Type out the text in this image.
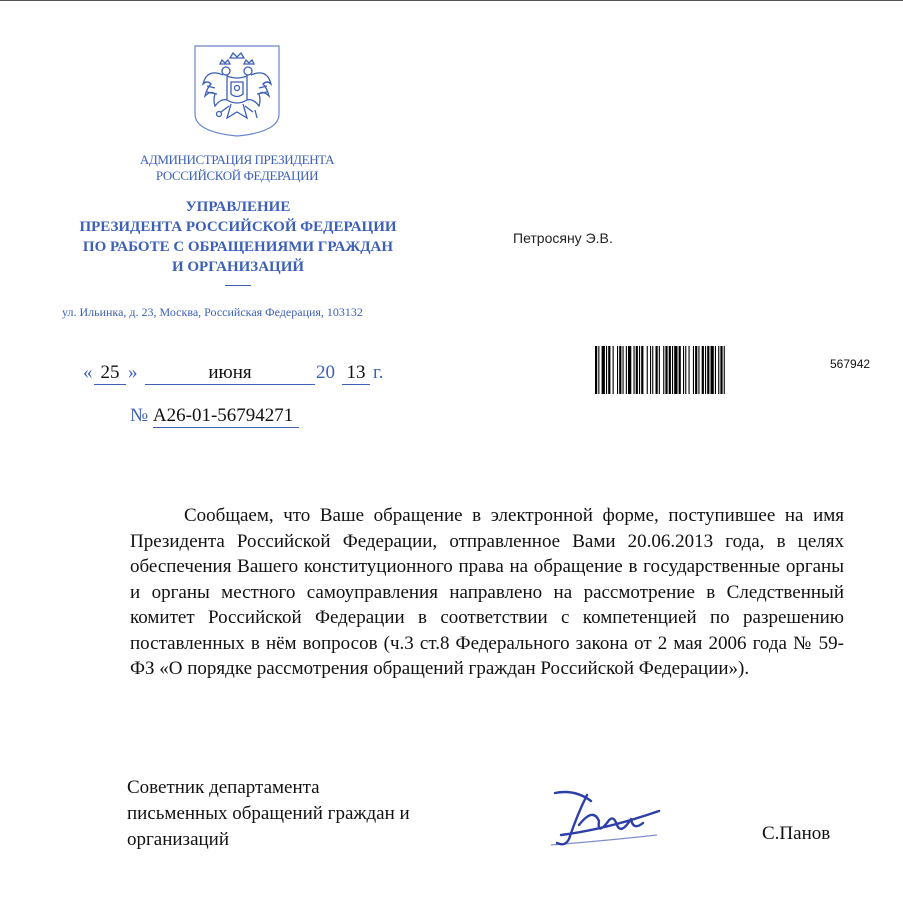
АДМИНИСТРАЦИЯ ПРЕЗИДЕНТА
РОССИЙСКОЙ ФЕДЕРАЦИИ
УПРАВЛЕНИЕ
ПРЕЗИДЕНТА РОССИЙСКОЙ ФЕДЕРАЦИИ
ПО РАБОТЕ С ОБРАЩЕНИЯМИ ГРАЖДАН
И ОРГАНИЗАЦИЙ
ул. Ильинка, д. 23, Москва, Российская Федерация, 103132
Петросяну Э.В.
« 25 »	июня	20 13 г.
№ А26-01-56794271
567942
Сообщаем, что Ваше обращение в электронной форме, поступившее на имя Президента Российской Федерации, отправленное Вами 20.06.2013 года, в целях обеспечения Вашего конституционного права на обращение в государственные органы и органы местного самоуправления направлено на рассмотрение в Следственный комитет Российской Федерации в соответствии с компетенцией по разрешению поставленных в нём вопросов (ч.3 ст.8 Федерального закона от 2 мая 2006 года № 59-ФЗ «О порядке рассмотрения обращений граждан Российской Федерации»).
Советник департамента
письменных обращений граждан и
организаций	С.Панов
